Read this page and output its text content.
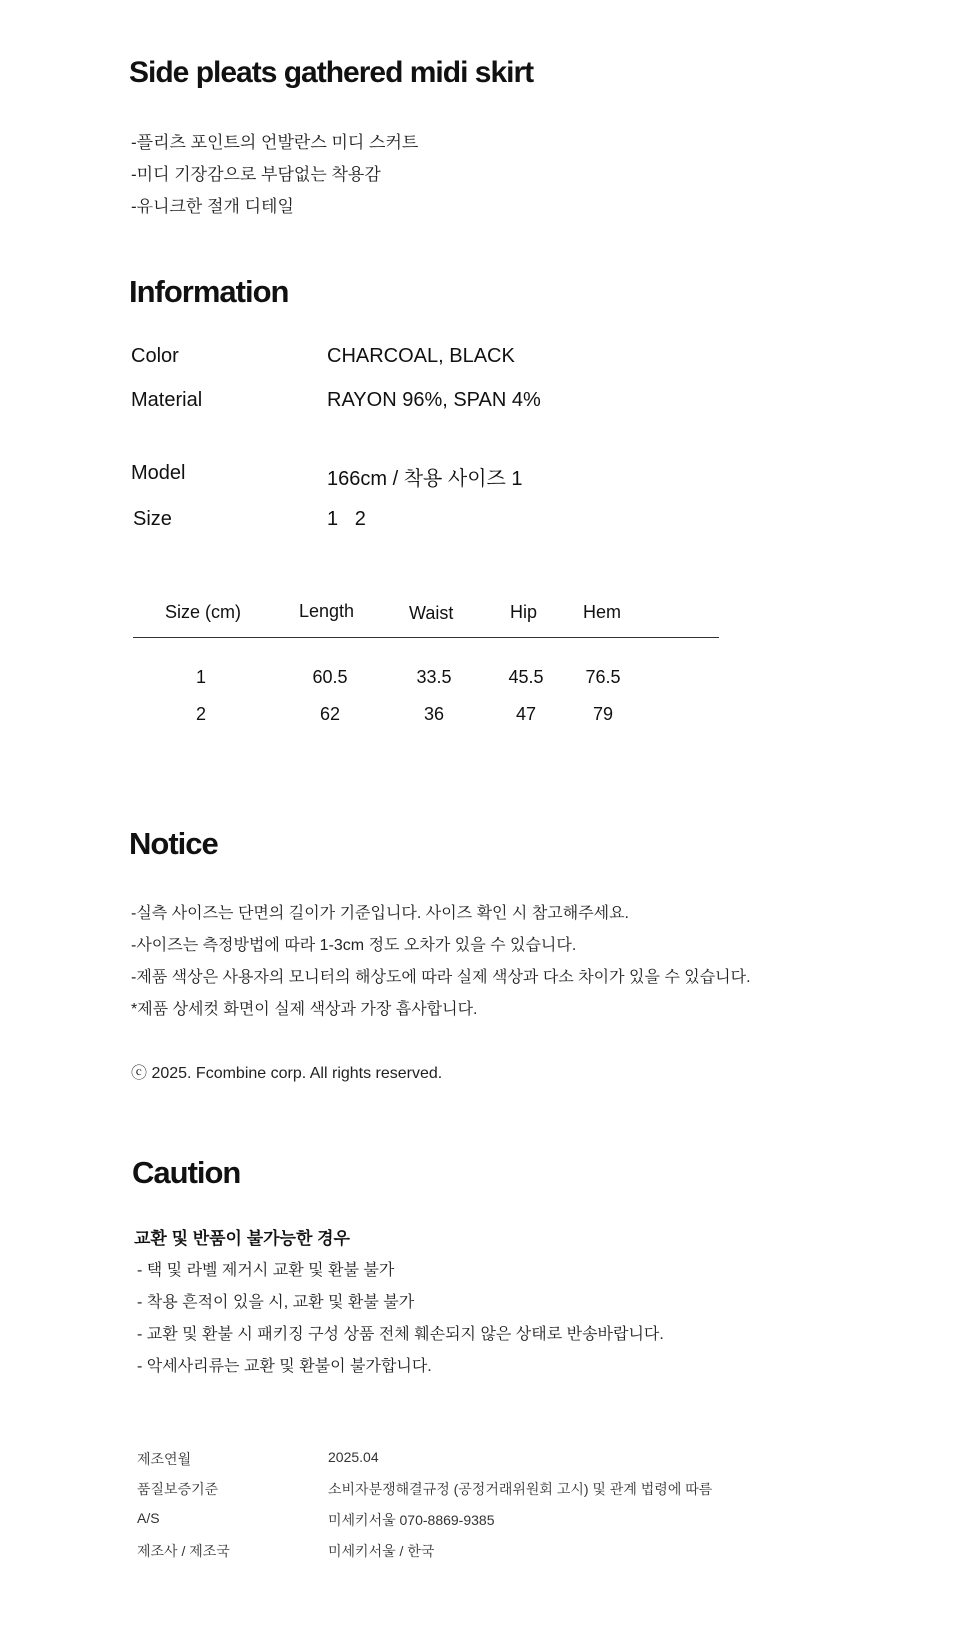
Side pleats gathered midi skirt
-플리츠 포인트의 언발란스 미디 스커트
-미디 기장감으로 부담없는 착용감
-유니크한 절개 디테일
Information
Color	CHARCOAL, BLACK
Material	RAYON 96%, SPAN 4%
Model	166cm / 착용 사이즈 1
Size	1   2
Size (cm)	Length	Waist	Hip	Hem
1	60.5	33.5	45.5	76.5
2	62	36	47	79
Notice
-실측 사이즈는 단면의 길이가 기준입니다. 사이즈 확인 시 참고해주세요.
-사이즈는 측정방법에 따라 1-3cm 정도 오차가 있을 수 있습니다.
-제품 색상은 사용자의 모니터의 해상도에 따라 실제 색상과 다소 차이가 있을 수 있습니다.
*제품 상세컷 화면이 실제 색상과 가장 흡사합니다.
ⓒ 2025. Fcombine corp. All rights reserved.
Caution
교환 및 반품이 불가능한 경우
- 택 및 라벨 제거시 교환 및 환불 불가
- 착용 흔적이 있을 시, 교환 및 환불 불가
- 교환 및 환불 시 패키징 구성 상품 전체 훼손되지 않은 상태로 반송바랍니다.
- 악세사리류는 교환 및 환불이 불가합니다.
제조연월	2025.04
품질보증기준	소비자분쟁해결규정 (공정거래위원회 고시) 및 관계 법령에 따름
A/S	미세키서울 070-8869-9385
제조사 / 제조국	미세키서울 / 한국
